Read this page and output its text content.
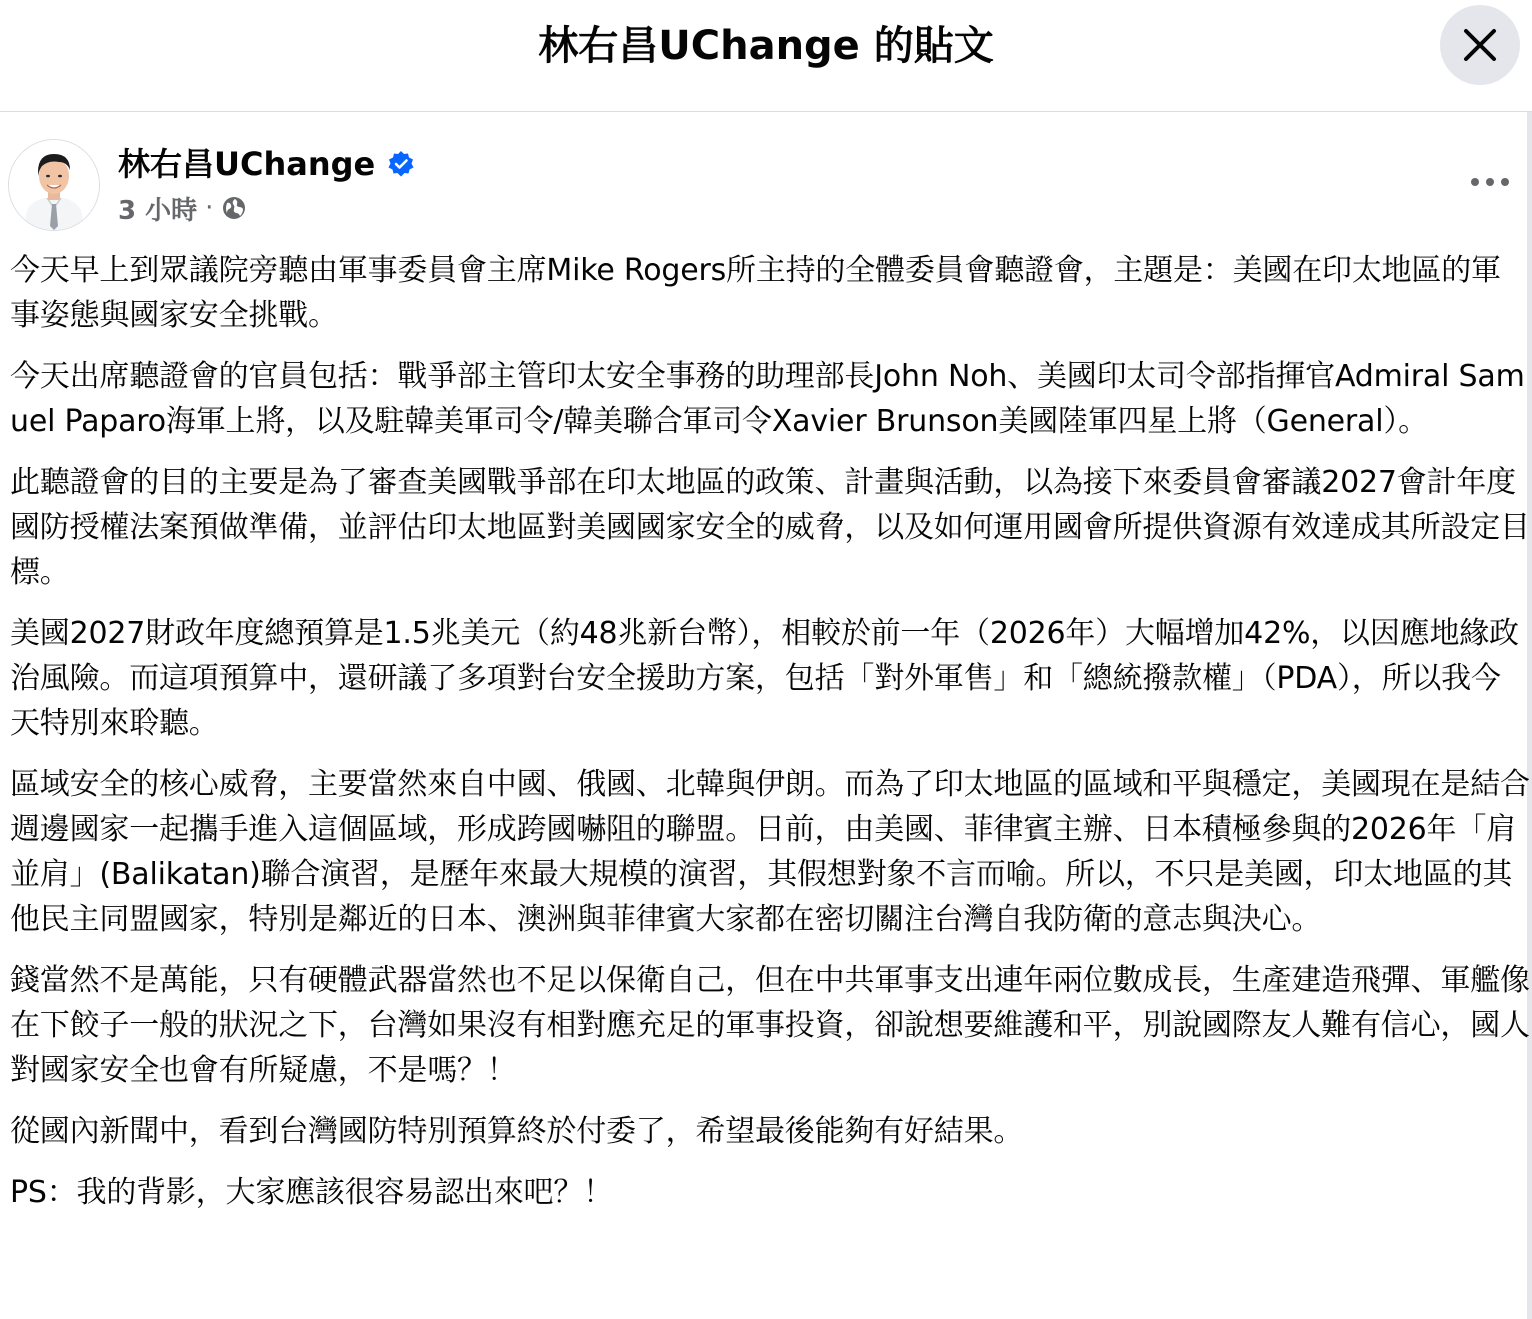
林右昌UChange 的貼文
林右昌UChange
3 小時 ·

今天早上到眾議院旁聽由軍事委員會主席Mike Rogers所主持的全體委員會聽證會，主題是：美國在印太地區的軍事姿態與國家安全挑戰。

今天出席聽證會的官員包括：戰爭部主管印太安全事務的助理部長John Noh、美國印太司令部指揮官Admiral Samuel Paparo海軍上將，以及駐韓美軍司令/韓美聯合軍司令Xavier Brunson美國陸軍四星上將（General）。

此聽證會的目的主要是為了審查美國戰爭部在印太地區的政策、計畫與活動，以為接下來委員會審議2027會計年度國防授權法案預做準備，並評估印太地區對美國國家安全的威脅，以及如何運用國會所提供資源有效達成其所設定目標。

美國2027財政年度總預算是1.5兆美元（約48兆新台幣），相較於前一年（2026年）大幅增加42%，以因應地緣政治風險。而這項預算中，還研議了多項對台安全援助方案，包括「對外軍售」和「總統撥款權」（PDA），所以我今天特別來聆聽。

區域安全的核心威脅，主要當然來自中國、俄國、北韓與伊朗。而為了印太地區的區域和平與穩定，美國現在是結合週邊國家一起攜手進入這個區域，形成跨國嚇阻的聯盟。日前，由美國、菲律賓主辦、日本積極參與的2026年「肩並肩」(Balikatan)聯合演習，是歷年來最大規模的演習，其假想對象不言而喻。所以，不只是美國，印太地區的其他民主同盟國家，特別是鄰近的日本、澳洲與菲律賓大家都在密切關注台灣自我防衛的意志與決心。

錢當然不是萬能，只有硬體武器當然也不足以保衛自己，但在中共軍事支出連年兩位數成長，生產建造飛彈、軍艦像在下餃子一般的狀況之下，台灣如果沒有相對應充足的軍事投資，卻說想要維護和平，別說國際友人難有信心，國人對國家安全也會有所疑慮，不是嗎？！

從國內新聞中，看到台灣國防特別預算終於付委了，希望最後能夠有好結果。

PS：我的背影，大家應該很容易認出來吧？！
